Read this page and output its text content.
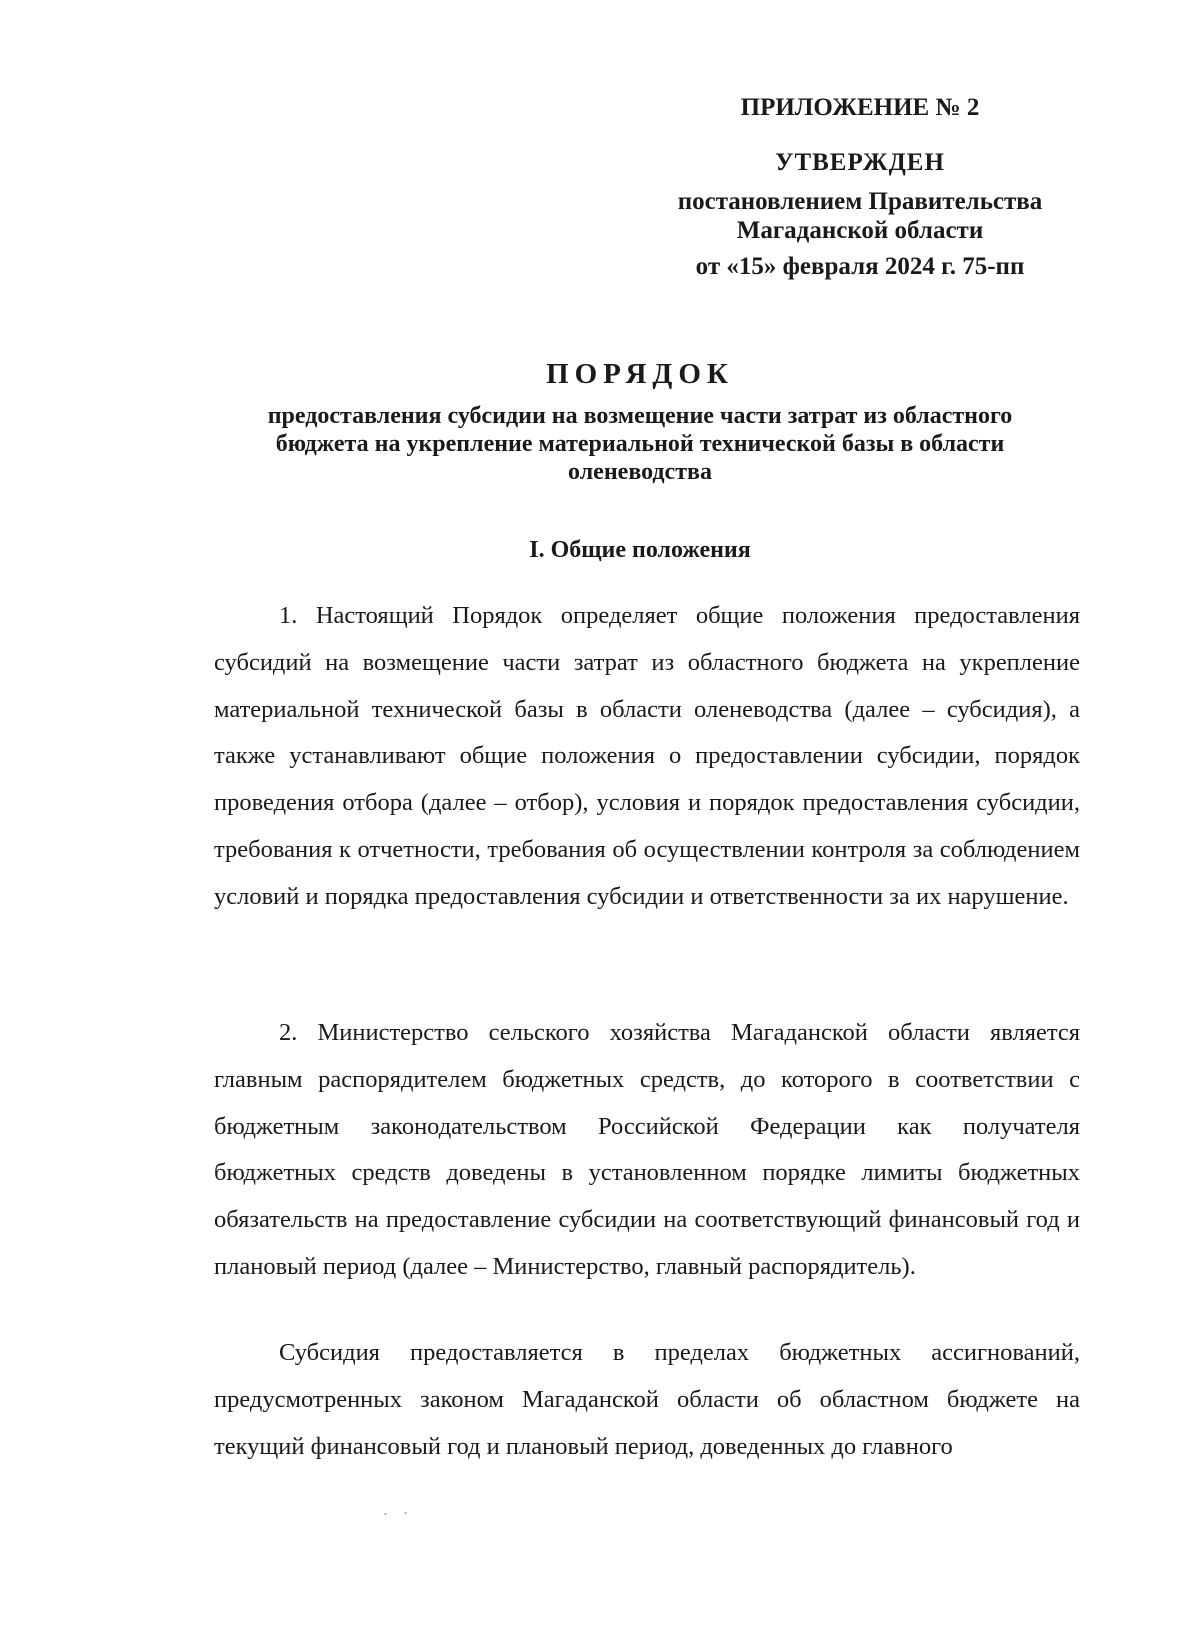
ПРИЛОЖЕНИЕ № 2
УТВЕРЖДЕН
постановлением Правительства
Магаданской области
от «15» февраля 2024 г. 75-пп
ПОРЯДОК
предоставления субсидии на возмещение части затрат из областного
бюджета на укрепление материальной технической базы в области
оленеводства
I. Общие положения

1. Настоящий Порядок определяет общие положения предоставления субсидий на возмещение части затрат из областного бюджета на укрепление материальной технической базы в области оленеводства (далее – субсидия), а также устанавливают общие положения о предоставлении субсидии, порядок проведения отбора (далее – отбор), условия и порядок предоставления субсидии, требования к отчетности, требования об осуществлении контроля за соблюдением условий и порядка предоставления субсидии и ответственности за их нарушение.

2. Министерство сельского хозяйства Магаданской области является главным распорядителем бюджетных средств, до которого в соответствии с бюджетным законодательством Российской Федерации как получателя бюджетных средств доведены в установленном порядке лимиты бюджетных обязательств на предоставление субсидии на соответствующий финансовый год и плановый период (далее – Министерство, главный распорядитель).

Субсидия предоставляется в пределах бюджетных ассигнований, предусмотренных законом Магаданской области об областном бюджете на текущий финансовый год и плановый период, доведенных до главного
